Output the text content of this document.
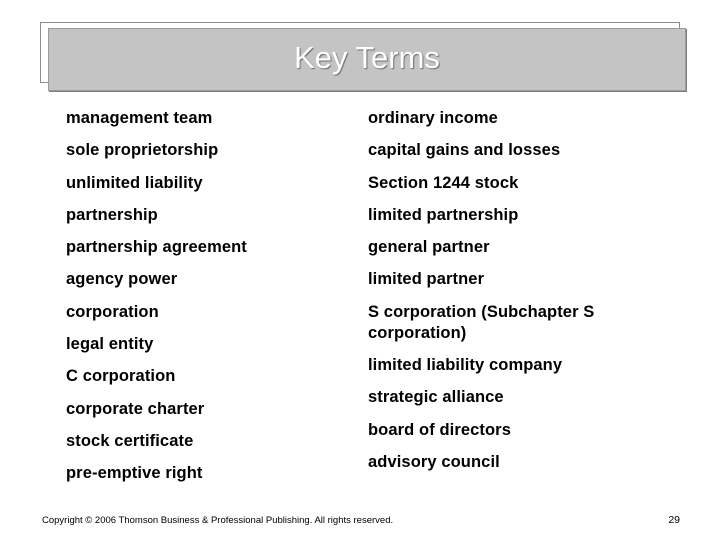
Key Terms
management team
sole proprietorship
unlimited liability
partnership
partnership agreement
agency power
corporation
legal entity
C corporation
corporate charter
stock certificate
pre-emptive right
ordinary income
capital gains and losses
Section 1244 stock
limited partnership
general partner
limited partner
S corporation (Subchapter S corporation)
limited liability company
strategic alliance
board of directors
advisory council
Copyright © 2006 Thomson Business & Professional Publishing. All rights reserved.	29
